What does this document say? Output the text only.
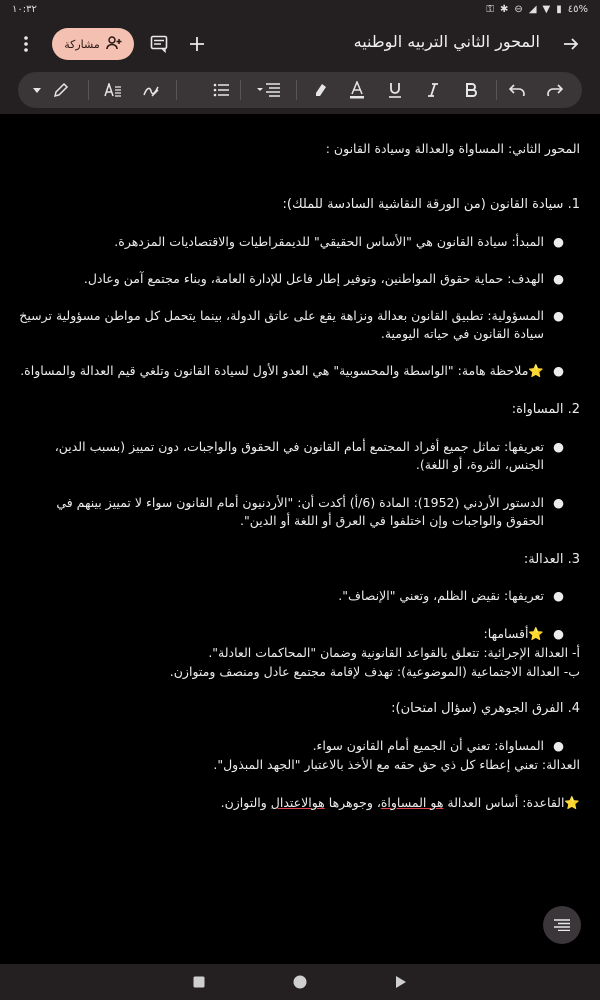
١٠:٣٢	⚿ ✱ ⊖ ◢ ▼ ▮ ٤٥%
مشاركة	المحور الثاني التربيه الوطنيه
المحور الثاني: المساواة والعدالة وسيادة القانون :
1. سيادة القانون (من الورقة النقاشية السادسة للملك):
●
المبدأ: سيادة القانون هي "الأساس الحقيقي" للديمقراطيات والاقتصاديات المزدهرة.
●
الهدف: حماية حقوق المواطنين، وتوفير إطار فاعل للإدارة العامة، وبناء مجتمع آمن وعادل.
●
المسؤولية: تطبيق القانون بعدالة ونزاهة يقع على عاتق الدولة، بينما يتحمل كل مواطن مسؤولية ترسيخ سيادة القانون في حياته اليومية.
●
⭐ملاحظة هامة: "الواسطة والمحسوبية" هي العدو الأول لسيادة القانون وتلغي قيم العدالة والمساواة.
2. المساواة:
●
تعريفها: تماثل جميع أفراد المجتمع أمام القانون في الحقوق والواجبات، دون تمييز (بسبب الدين، الجنس، الثروة، أو اللغة).
●
الدستور الأردني (1952): المادة (6/أ) أكدت أن: "الأردنيون أمام القانون سواء لا تمييز بينهم في الحقوق والواجبات وإن اختلفوا في العرق أو اللغة أو الدين".
3. العدالة:
●
تعريفها: نقيض الظلم، وتعني "الإنصاف".
●
⭐أقسامها:
أ- العدالة الإجرائية: تتعلق بالقواعد القانونية وضمان "المحاكمات العادلة".
ب- العدالة الاجتماعية (الموضوعية): تهدف لإقامة مجتمع عادل ومنصف ومتوازن.
4. الفرق الجوهري (سؤال امتحان):
●
المساواة: تعني أن الجميع أمام القانون سواء.
العدالة: تعني إعطاء كل ذي حق حقه مع الأخذ بالاعتبار "الجهد المبذول".
⭐القاعدة: أساس العدالة هو المساواة، وجوهرها هوالاعتدال والتوازن.
